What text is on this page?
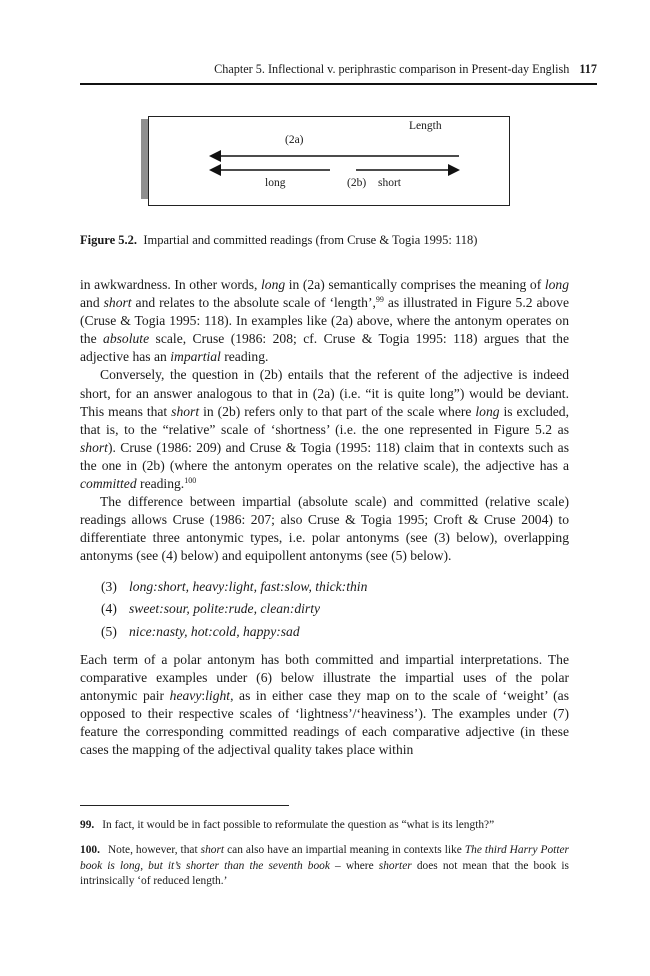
Chapter 5. Inflectional v. periphrastic comparison in Present-day English 117
Length
(2a)
long	(2b) short
Figure 5.2. Impartial and committed readings (from Cruse & Togia 1995: 118)

in awkwardness. In other words, long in (2a) semantically comprises the meaning of long and short and relates to the absolute scale of ‘length’,$^{99}$ as illustrated in Figure 5.2 above (Cruse & Togia 1995: 118). In examples like (2a) above, where the antonym operates on the absolute scale, Cruse (1986: 208; cf. Cruse & Togia 1995: 118) argues that the adjective has an impartial reading.

Conversely, the question in (2b) entails that the referent of the adjective is indeed short, for an answer analogous to that in (2a) (i.e. “it is quite long”) would be deviant. This means that short in (2b) refers only to that part of the scale where long is excluded, that is, to the “relative” scale of ‘shortness’ (i.e. the one represented in Figure 5.2 as short). Cruse (1986: 209) and Cruse & Togia (1995: 118) claim that in contexts such as the one in (2b) (where the antonym operates on the relative scale), the adjective has a committed reading.$^{100}$

The difference between impartial (absolute scale) and committed (relative scale) readings allows Cruse (1986: 207; also Cruse & Togia 1995; Croft & Cruse 2004) to differentiate three antonymic types, i.e. polar antonyms (see (3) below), overlapping antonyms (see (4) below) and equipollent antonyms (see (5) below).

(3) long:short, heavy:light, fast:slow, thick:thin
(4) sweet:sour, polite:rude, clean:dirty
(5) nice:nasty, hot:cold, happy:sad

Each term of a polar antonym has both committed and impartial interpretations. The comparative examples under (6) below illustrate the impartial uses of the polar antonymic pair heavy:light, as in either case they map on to the scale of ‘weight’ (as opposed to their respective scales of ‘lightness’/‘heaviness’). The examples under (7) feature the corresponding committed readings of each comparative adjective (in these cases the mapping of the adjectival quality takes place within

99. In fact, it would be in fact possible to reformulate the question as “what is its length?”
100. Note, however, that short can also have an impartial meaning in contexts like The third Harry Potter book is long, but it’s shorter than the seventh book – where shorter does not mean that the book is intrinsically ‘of reduced length.’
